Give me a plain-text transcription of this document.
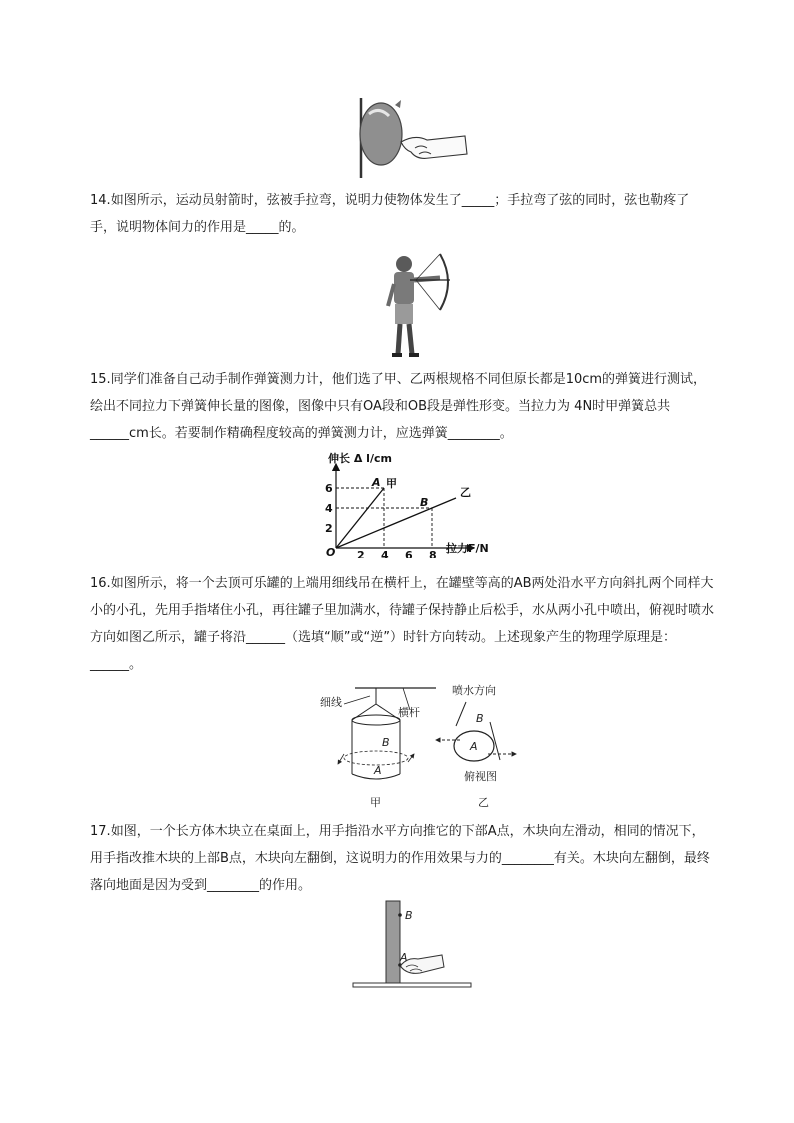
14.如图所示，运动员射箭时，弦被手拉弯，说明力使物体发生了_____；手拉弯了弦的同时，弦也勒疼了手，说明物体间力的作用是_____的。
15.同学们准备自己动手制作弹簧测力计，他们选了甲、乙两根规格不同但原长都是10cm的弹簧进行测试，绘出不同拉力下弹簧伸长量的图像，图像中只有OA段和OB段是弹性形变。当拉力为 4N时甲弹簧总共______cm长。若要制作精确程度较高的弹簧测力计，应选弹簧________。
伸长 Δ l/cm
拉力F/N
O 2 4 6 8
2
4
6	A 甲
B
乙
16.如图所示，将一个去顶可乐罐的上端用细线吊在横杆上，在罐壁等高的AB两处沿水平方向斜扎两个同样大小的小孔，先用手指堵住小孔，再往罐子里加满水，待罐子保持静止后松手，水从两小孔中喷出，俯视时喷水方向如图乙所示，罐子将沿______（选填“顺”或“逆”）时针方向转动。上述现象产生的物理学原理是：______。
细线
横杆
B
A
甲
喷水方向
B
A
俯视图
乙
17.如图，一个长方体木块立在桌面上，用手指沿水平方向推它的下部A点，木块向左滑动，相同的情况下，用手指改推木块的上部B点，木块向左翻倒，这说明力的作用效果与力的________有关。木块向左翻倒，最终落向地面是因为受到________的作用。
B
A
